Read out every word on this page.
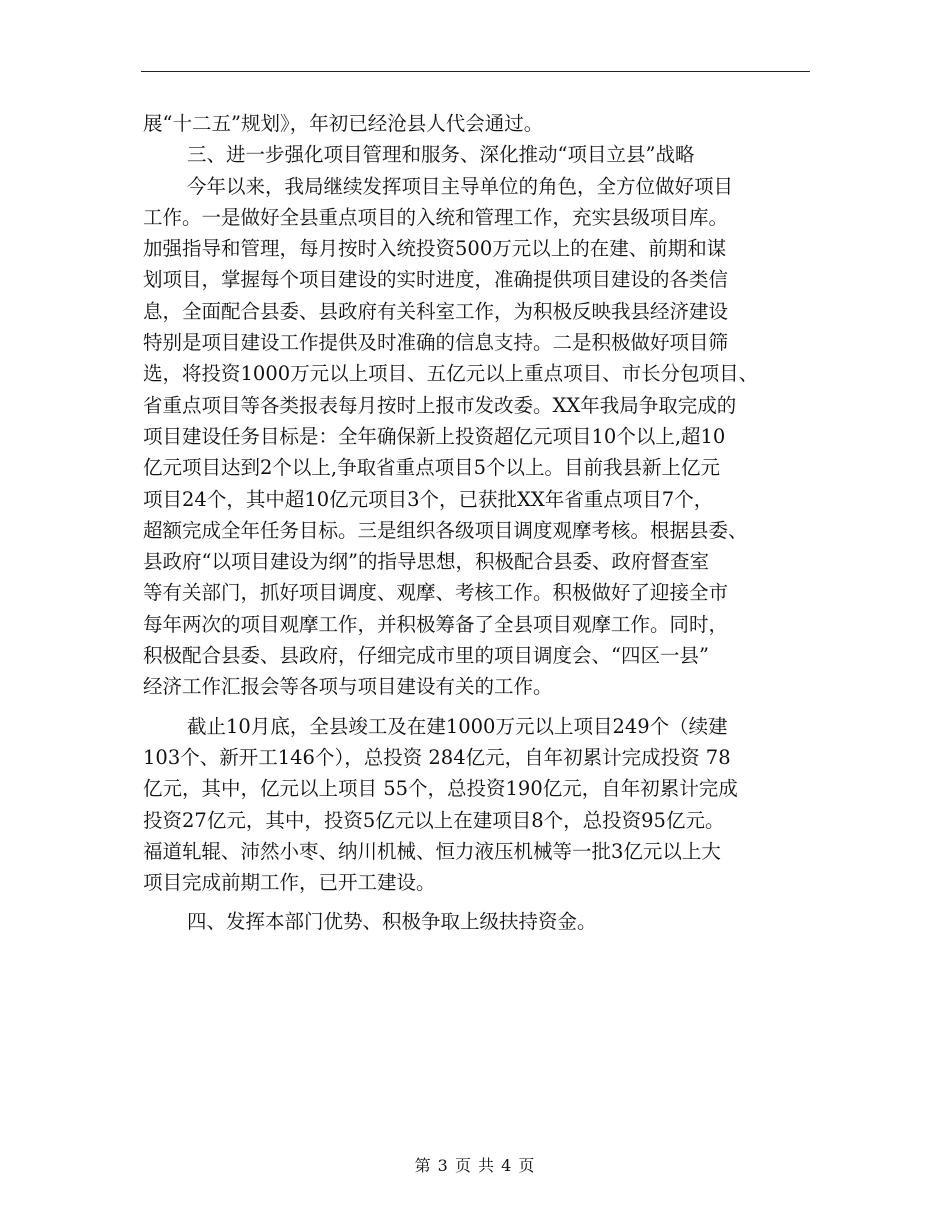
展“十二五”规划》，年初已经沧县人代会通过。
三、进一步强化项目管理和服务、深化推动“项目立县”战略
今年以来，我局继续发挥项目主导单位的角色，全方位做好项目
工作。一是做好全县重点项目的入统和管理工作，充实县级项目库。
加强指导和管理，每月按时入统投资500万元以上的在建、前期和谋
划项目，掌握每个项目建设的实时进度，准确提供项目建设的各类信
息，全面配合县委、县政府有关科室工作，为积极反映我县经济建设
特别是项目建设工作提供及时准确的信息支持。二是积极做好项目筛
选，将投资1000万元以上项目、五亿元以上重点项目、市长分包项目、
省重点项目等各类报表每月按时上报市发改委。XX年我局争取完成的
项目建设任务目标是：全年确保新上投资超亿元项目10个以上,超10
亿元项目达到2个以上,争取省重点项目5个以上。目前我县新上亿元
项目24个，其中超10亿元项目3个，已获批XX年省重点项目7个，
超额完成全年任务目标。三是组织各级项目调度观摩考核。根据县委、
县政府“以项目建设为纲”的指导思想，积极配合县委、政府督查室
等有关部门，抓好项目调度、观摩、考核工作。积极做好了迎接全市
每年两次的项目观摩工作，并积极筹备了全县项目观摩工作。同时，
积极配合县委、县政府，仔细完成市里的项目调度会、“四区一县”
经济工作汇报会等各项与项目建设有关的工作。
截止10月底，全县竣工及在建1000万元以上项目249个（续建
103个、新开工146个），总投资 284亿元，自年初累计完成投资 78
亿元，其中，亿元以上项目 55个，总投资190亿元，自年初累计完成
投资27亿元，其中，投资5亿元以上在建项目8个，总投资95亿元。
福道轧辊、沛然小枣、纳川机械、恒力液压机械等一批3亿元以上大
项目完成前期工作，已开工建设。
四、发挥本部门优势、积极争取上级扶持资金。
第 3 页 共 4 页
